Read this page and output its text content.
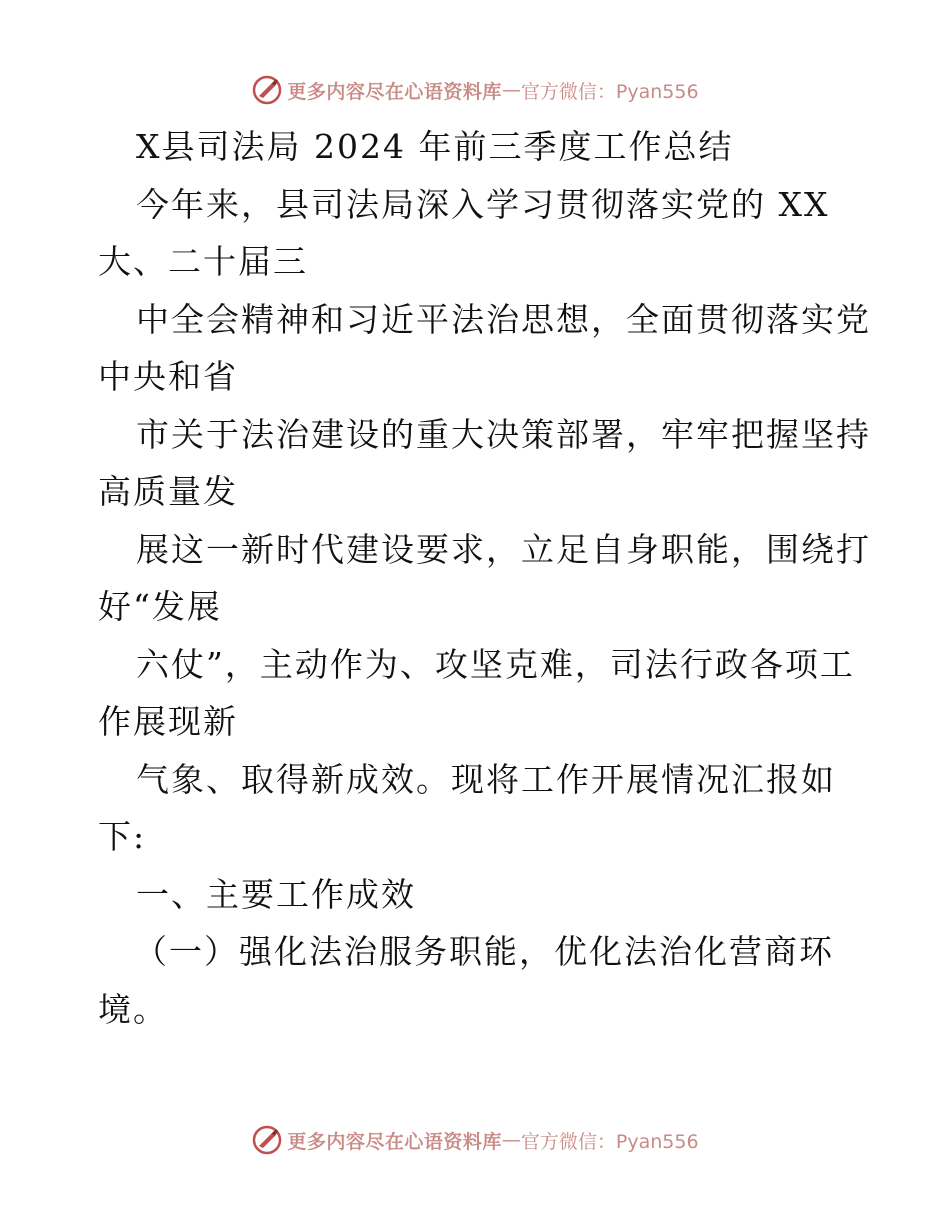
更多内容尽在心语资料库 — 官方微信：Pyan556
X县司法局 2024 年前三季度工作总结
今年来，县司法局深入学习贯彻落实党的 XX
大、二十届三
中全会精神和习近平法治思想，全面贯彻落实党
中央和省
市关于法治建设的重大决策部署，牢牢把握坚持
高质量发
展这一新时代建设要求，立足自身职能，围绕打
好“发展
六仗”，主动作为、攻坚克难，司法行政各项工
作展现新
气象、取得新成效。现将工作开展情况汇报如
下:
一、主要工作成效
（一）强化法治服务职能，优化法治化营商环
境。
更多内容尽在心语资料库 — 官方微信：Pyan556
